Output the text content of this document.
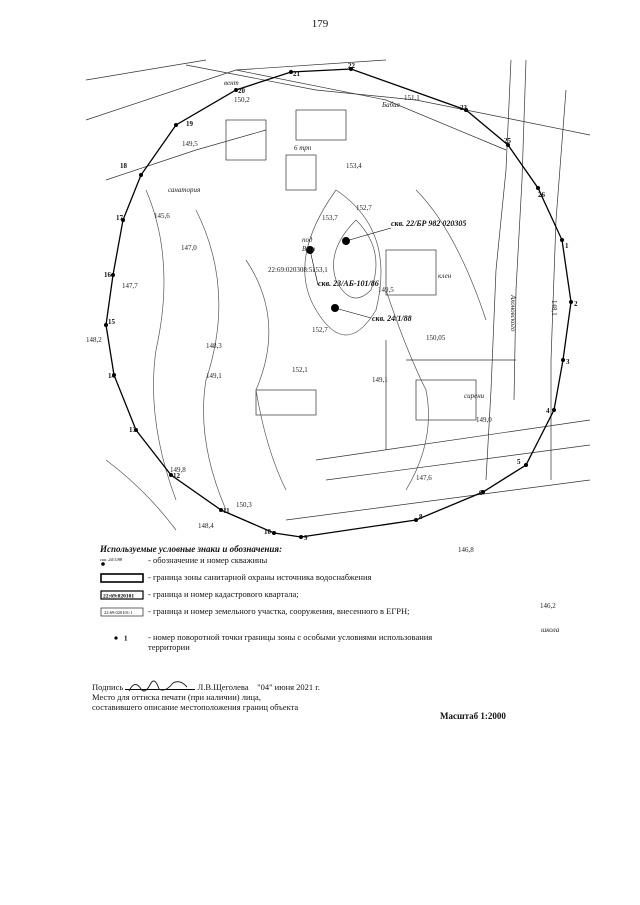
179
21
22
23
25
26
1
2
3
4
5
6
8
9
10
11
12
13
14
15
16
17
18
19
20
скв. 22/БР 982 020305
скв. 23/АБ-101/86
скв. 24/1/88
22:69:020308:5
Бабия
санатория
вент
под
Ваш
клен
сирени
школа
6 трп
Ахоновского
150,2
149,5
145,6
147,0
147,7
148,2
148,3
149,1
149,8
150,3
148,4
146,2
153,7
152,7
153,1
149,5
152,7
152,1
150,05
149,1
149,0
147,6
146,8
148,1
151,1
153,4
Используемые условные знаки и обозначения:
скв. 24/1/88	- обозначение и номер скважины
- граница зоны санитарной охраны источника водоснабжения
22:69:020101 - граница и номер кадастрового квартала;
22:69:020101:1 - граница и номер земельного участка, сооружения, внесенного в ЕГРН;
1 - номер поворотной точки границы зоны с особыми условиями использования территории
Подпись	Л.В.Щеголева "04" июня 2021 г.
Место для оттиска печати (при наличии) лица,
составившего описание местоположения границ объекта
Масштаб 1:2000
